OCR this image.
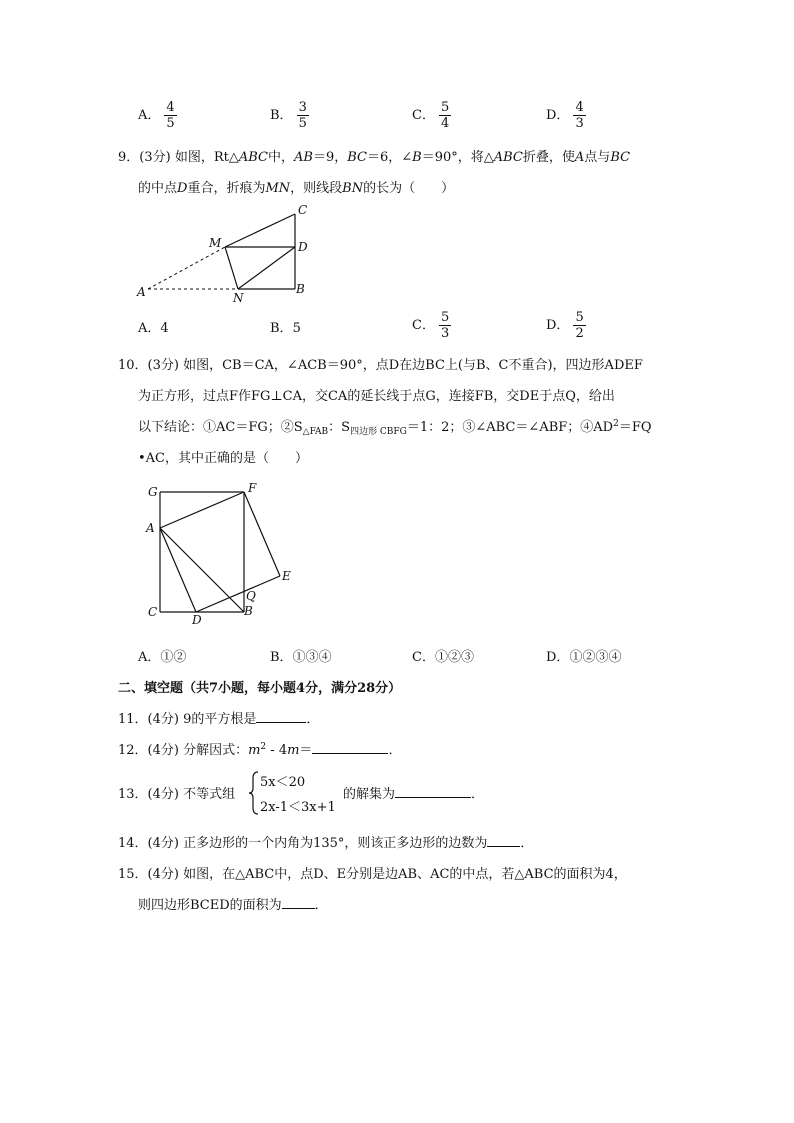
A． $\frac{4}{5}$	B． $\frac{3}{5}$	C． $\frac{5}{4}$	D． $\frac{4}{3}$
9．(3分) 如图，Rt△ABC中，AB＝9，BC＝6，∠B＝90°，将△ABC折叠，使A点与BC
的中点D重合，折痕为MN，则线段BN的长为（　　）
C
M	D
A	N
B
A．4	B．5	C． $\frac{5}{3}$	D． $\frac{5}{2}$
10．(3分) 如图，CB＝CA，∠ACB＝90°，点D在边BC上(与B、C不重合)，四边形ADEF
为正方形，过点F作FG⊥CA，交CA的延长线于点G，连接FB，交DE于点Q，给出
以下结论：①AC＝FG；$②S_{\triangle FAB}$：$S_{四边形 CBFG}=1$：2；③∠ABC＝∠ABF；$④AD^2=FQ$
•AC，其中正确的是（　　）
G	F
A
E
C
D
Q
B
A．①②	B．①③④	C．①②③	D．①②③④
二、填空题（共7小题，每小题4分，满分28分）
11．(4分) 9的平方根是	．
12．(4分) 分解因式：$m^2 - 4m=$	．
13．(4分) 不等式组
5x＜20
2x-1＜3x+1
的解集为	．
14．(4分) 正多边形的一个内角为135°，则该正多边形的边数为	．
15．(4分) 如图，在△ABC中，点D、E分别是边AB、AC的中点，若△ABC的面积为4，
则四边形BCED的面积为	．
